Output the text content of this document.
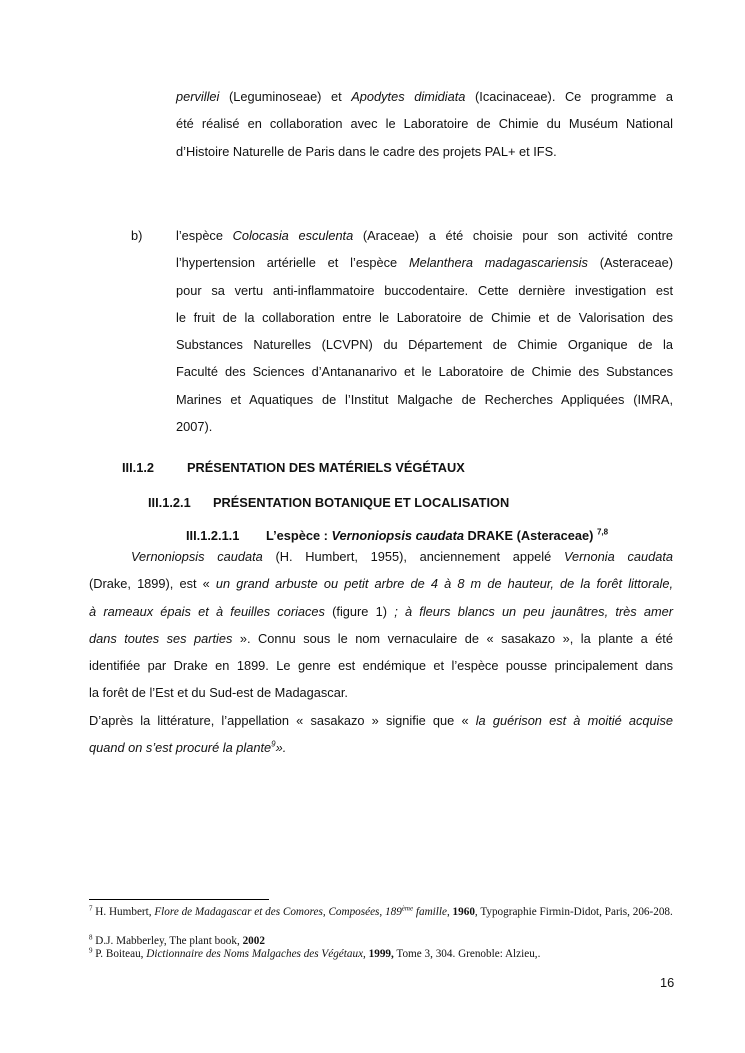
pervillei (Leguminoseae) et Apodytes dimidiata (Icacinaceae). Ce programme a
été réalisé en collaboration avec le Laboratoire de Chimie du Muséum National
d’Histoire Naturelle de Paris dans le cadre des projets PAL+ et IFS.
b)	l’espèce Colocasia esculenta (Araceae) a été choisie pour son activité contre
l’hypertension artérielle et l’espèce Melanthera madagascariensis (Asteraceae)
pour sa vertu anti-inflammatoire buccodentaire. Cette dernière investigation est
le fruit de la collaboration entre le Laboratoire de Chimie et de Valorisation des
Substances Naturelles (LCVPN) du Département de Chimie Organique de la
Faculté des Sciences d’Antananarivo et le Laboratoire de Chimie des Substances
Marines et Aquatiques de l’Institut Malgache de Recherches Appliquées (IMRA,
2007).
III.1.2	PRÉSENTATION DES MATÉRIELS VÉGÉTAUX
III.1.2.1 PRÉSENTATION BOTANIQUE ET LOCALISATION
III.1.2.1.1 L’espèce : Vernoniopsis caudata DRAKE (Asteraceae) $^{7,8}$
Vernoniopsis caudata (H. Humbert, 1955), anciennement appelé Vernonia caudata
(Drake, 1899), est « un grand arbuste ou petit arbre de 4 à 8 m de hauteur, de la forêt littorale,
à rameaux épais et à feuilles coriaces (figure 1) ; à fleurs blancs un peu jaunâtres, très amer
dans toutes ses parties ». Connu sous le nom vernaculaire de « sasakazo », la plante a été
identifiée par Drake en 1899. Le genre est endémique et l’espèce pousse principalement dans
la forêt de l’Est et du Sud-est de Madagascar.
D’après la littérature, l’appellation « sasakazo » signifie que « la guérison est à moitié acquise
quand on s’est procuré la plante$^9$».
$^7$ H. Humbert, Flore de Madagascar et des Comores, Composées, 189ème famille, 1960, Typographie Firmin-Didot, Paris, 206-208.
$^8$ D.J. Mabberley, The plant book, 2002
$^9$ P. Boiteau, Dictionnaire des Noms Malgaches des Végétaux, 1999, Tome 3, 304. Grenoble: Alzieu,.
16
